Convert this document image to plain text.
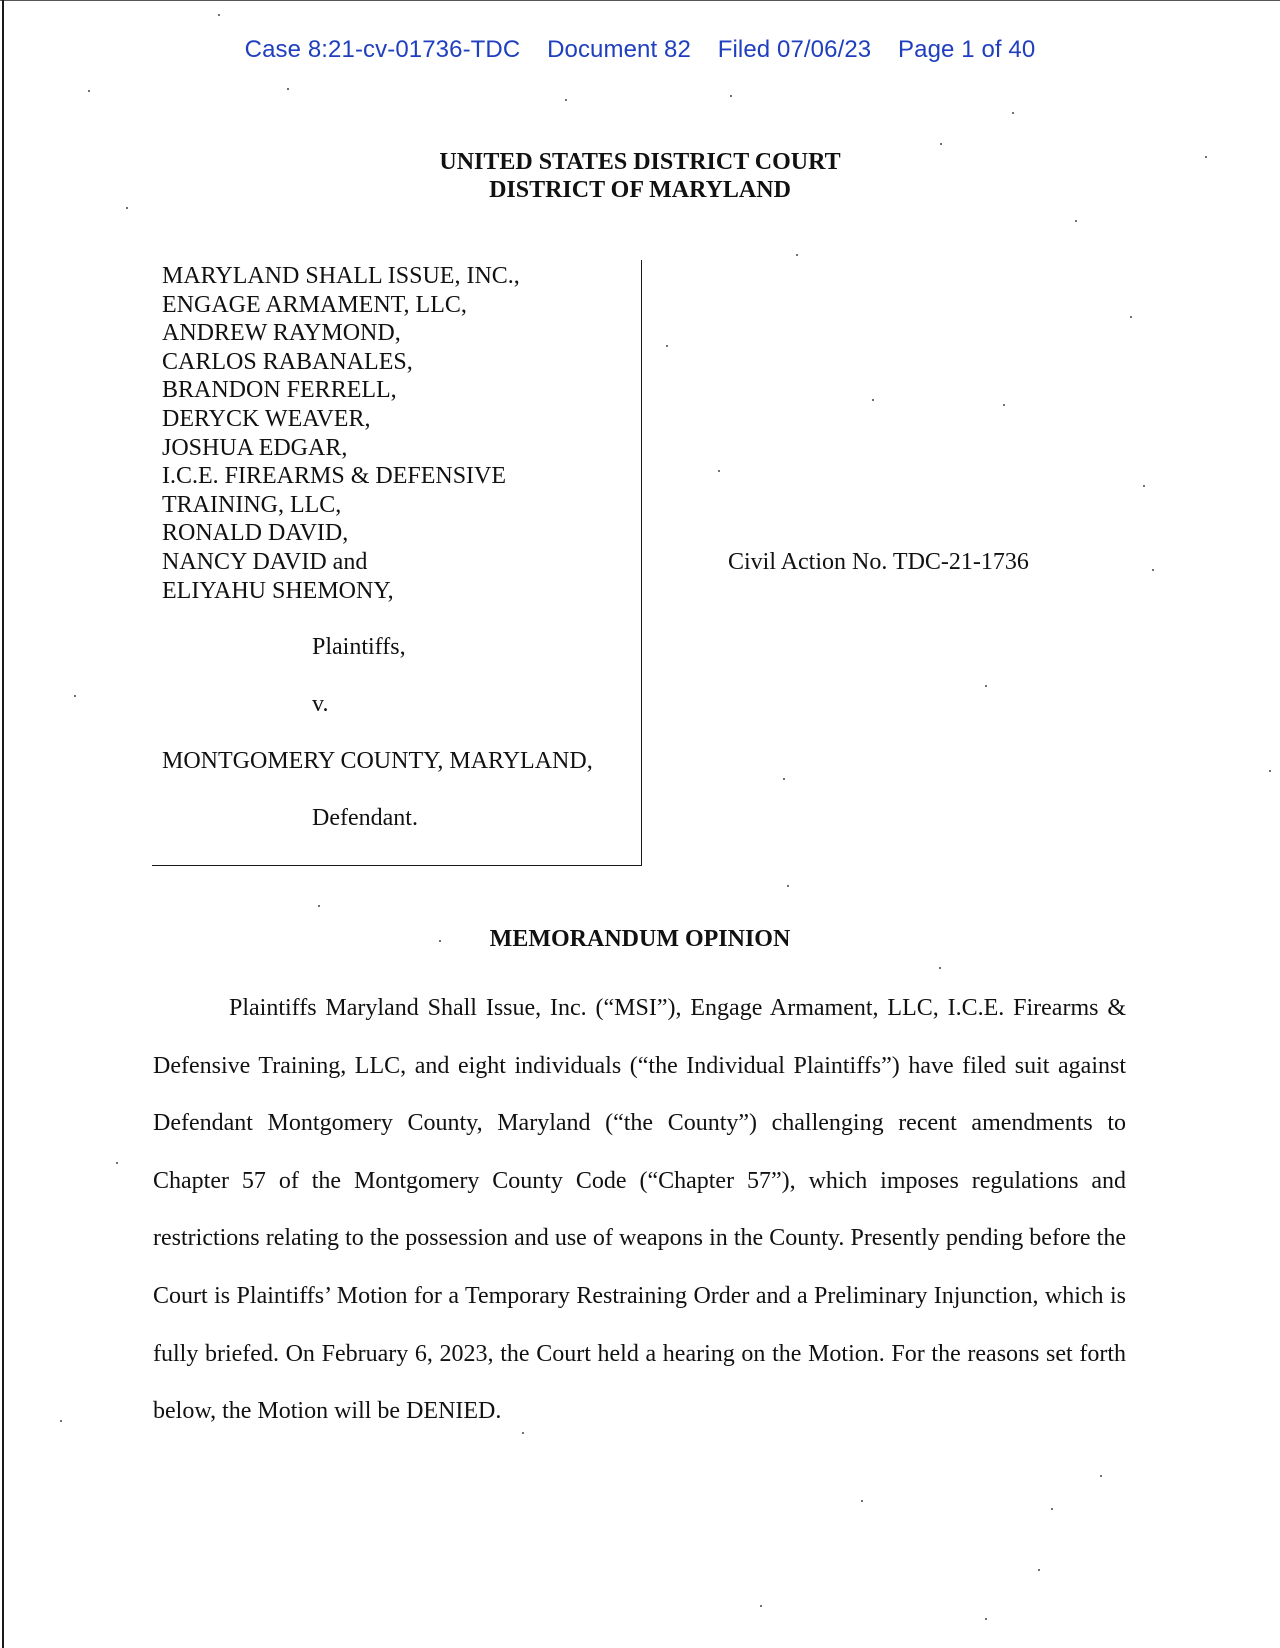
Case 8:21-cv-01736-TDC Document 82 Filed 07/06/23 Page 1 of 40
UNITED STATES DISTRICT COURT
DISTRICT OF MARYLAND
MARYLAND SHALL ISSUE, INC.,
ENGAGE ARMAMENT, LLC,
ANDREW RAYMOND,
CARLOS RABANALES,
BRANDON FERRELL,
DERYCK WEAVER,
JOSHUA EDGAR,
I.C.E. FIREARMS & DEFENSIVE
TRAINING, LLC,
RONALD DAVID,
NANCY DAVID and
ELIYAHU SHEMONY,
Plaintiffs,
v.
MONTGOMERY COUNTY, MARYLAND,
Defendant.
Civil Action No. TDC-21-1736
MEMORANDUM OPINION

Plaintiffs Maryland Shall Issue, Inc. (“MSI”), Engage Armament, LLC, I.C.E. Firearms & Defensive Training, LLC, and eight individuals (“the Individual Plaintiffs”) have filed suit against Defendant Montgomery County, Maryland (“the County”) challenging recent amendments to Chapter 57 of the Montgomery County Code (“Chapter 57”), which imposes regulations and restrictions relating to the possession and use of weapons in the County. Presently pending before the Court is Plaintiffs’ Motion for a Temporary Restraining Order and a Preliminary Injunction, which is fully briefed. On February 6, 2023, the Court held a hearing on the Motion. For the reasons set forth below, the Motion will be DENIED.
